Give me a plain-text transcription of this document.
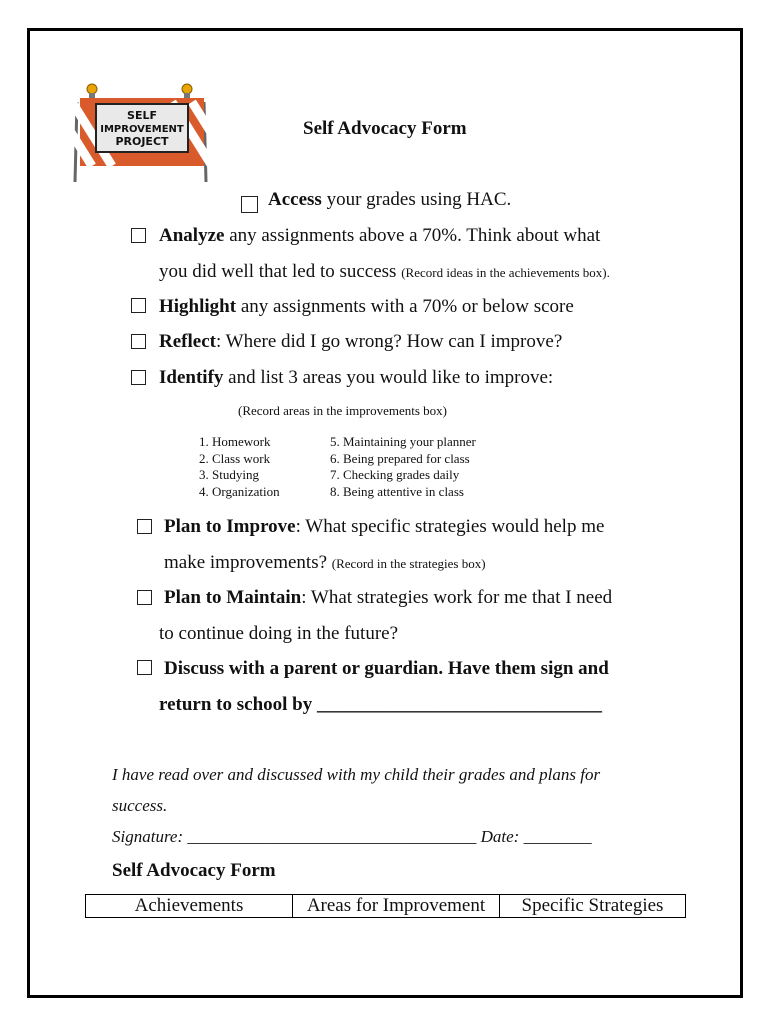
SELF
IMPROVEMENT
PROJECT
Self Advocacy Form
Access your grades using HAC.
Analyze any assignments above a 70%. Think about what
you did well that led to success (Record ideas in the achievements box).
Highlight any assignments with a 70% or below score
Reflect: Where did I go wrong? How can I improve?
Identify and list 3 areas you would like to improve:
(Record areas in the improvements box)
1. Homework
2. Class work
3. Studying
4. Organization
5. Maintaining your planner
6. Being prepared for class
7. Checking grades daily
8. Being attentive in class
Plan to Improve: What specific strategies would help me
make improvements? (Record in the strategies box)
Plan to Maintain: What strategies work for me that I need
to continue doing in the future?
Discuss with a parent or guardian. Have them sign and
return to school by ______________________________
I have read over and discussed with my child their grades and plans for
success.
Signature: __________________________________ Date: ________
Self Advocacy Form
Achievements	Areas for Improvement	Specific Strategies
